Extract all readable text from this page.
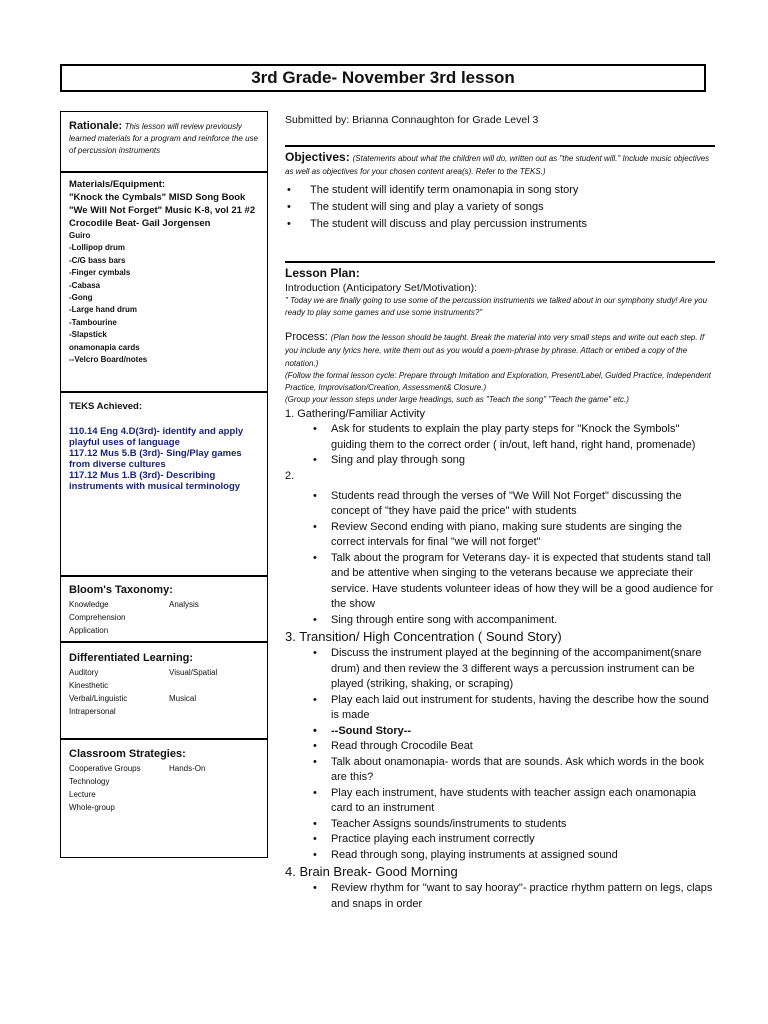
3rd Grade- November 3rd lesson
Rationale: This lesson will review previously learned materials for a program and reinforce the use of percussion instruments
Materials/Equipment:
"Knock the Cymbals" MISD Song Book
"We Will Not Forget" Music K-8, vol 21 #2
Crocodile Beat- Gail Jorgensen
Guiro
-Lollipop drum
-C/G bass bars
-Finger cymbals
-Cabasa
-Gong
-Large hand drum
-Tambourine
-Slapstick
onamonapia cards
--Velcro Board/notes
TEKS Achieved:
110.14 Eng 4.D(3rd)- identify and apply playful uses of language
117.12 Mus 5.B (3rd)- Sing/Play games from diverse cultures
117.12 Mus 1.B (3rd)- Describing instruments with musical terminology
Bloom's Taxonomy:
Knowledge	Analysis
Comprehension
Application
Differentiated Learning:
Auditory	Visual/Spatial
Kinesthetic
Verbal/Linguistic	Musical
Intrapersonal
Classroom Strategies:
Cooperative Groups	Hands-On
Technology
Lecture
Whole-group
Submitted by: Brianna Connaughton for Grade Level 3
Objectives: (Statements about what the children will do, written out as "the student will." Include music objectives as well as objectives for your chosen content area(s). Refer to the TEKS.)
• The student will identify term onamonapia in song story
• The student will sing and play a variety of songs
• The student will discuss and play percussion instruments
Lesson Plan:
Introduction (Anticipatory Set/Motivation):
" Today we are finally going to use some of the percussion instruments we talked about in our symphony study! Are you ready to play some games and use some instruments?"
Process: (Plan how the lesson should be taught. Break the material into very small steps and write out each step. If you include any lyrics here, write them out as you would a poem-phrase by phrase. Attach or embed a copy of the notation.)
(Follow the formal lesson cycle: Prepare through Imitation and Exploration, Present/Label, Guided Practice, Independent Practice, Improvisation/Creation, Assessment& Closure.)
(Group your lesson steps under large headings, such as "Teach the song" "Teach the game" etc.)
1. Gathering/Familiar Activity
• Ask for students to explain the play party steps for "Knock the Symbols" guiding them to the correct order ( in/out, left hand, right hand, promenade)
• Sing and play through song
2.
• Students read through the verses of "We Will Not Forget" discussing the concept of "they have paid the price" with students
• Review Second ending with piano, making sure students are singing the correct intervals for final "we will not forget"
• Talk about the program for Veterans day- it is expected that students stand tall and be attentive when singing to the veterans because we appreciate their service. Have students volunteer ideas of how they will be a good audience for the show
• Sing through entire song with accompaniment.
3. Transition/ High Concentration ( Sound Story)
• Discuss the instrument played at the beginning of the accompaniment(snare drum) and then review the 3 different ways a percussion instrument can be played (striking, shaking, or scraping)
• Play each laid out instrument for students, having the describe how the sound is made
• --Sound Story--
• Read through Crocodile Beat
• Talk about onamonapia- words that are sounds. Ask which words in the book are this?
• Play each instrument, have students with teacher assign each onamonapia card to an instrument
• Teacher Assigns sounds/instruments to students
• Practice playing each instrument correctly
• Read through song, playing instruments at assigned sound
4. Brain Break- Good Morning
• Review rhythm for "want to say hooray"- practice rhythm pattern on legs, claps and snaps in order
